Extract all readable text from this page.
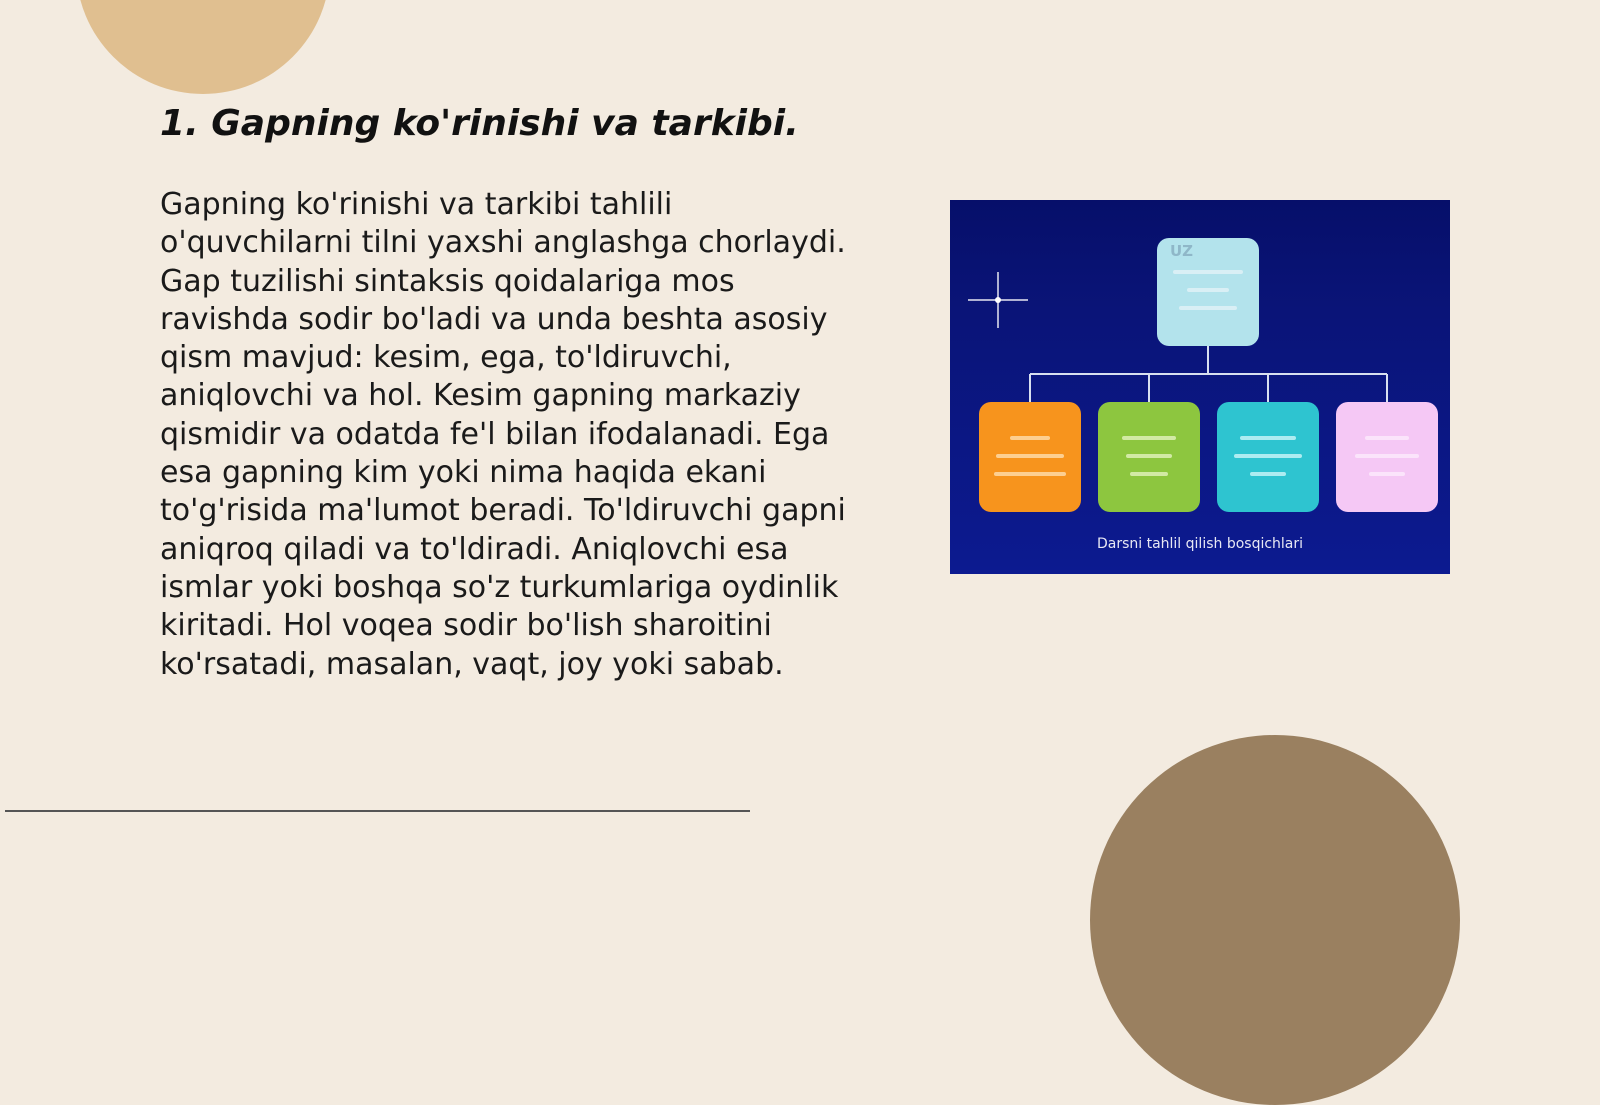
1. Gapning ko'rinishi va tarkibi.

Gapning ko'rinishi va tarkibi tahlili o'quvchilarni tilni yaxshi anglashga chorlaydi. Gap tuzilishi sintaksis qoidalariga mos ravishda sodir bo'ladi va unda beshta asosiy qism mavjud: kesim, ega, to'ldiruvchi, aniqlovchi va hol. Kesim gapning markaziy qismidir va odatda fe'l bilan ifodalanadi. Ega esa gapning kim yoki nima haqida ekani to'g'risida ma'lumot beradi. To'ldiruvchi gapni aniqroq qiladi va to'ldiradi. Aniqlovchi esa ismlar yoki boshqa so'z turkumlariga oydinlik kiritadi. Hol voqea sodir bo'lish sharoitini ko'rsatadi, masalan, vaqt, joy yoki sabab.

UZ
Darsni tahlil qilish bosqichlari
